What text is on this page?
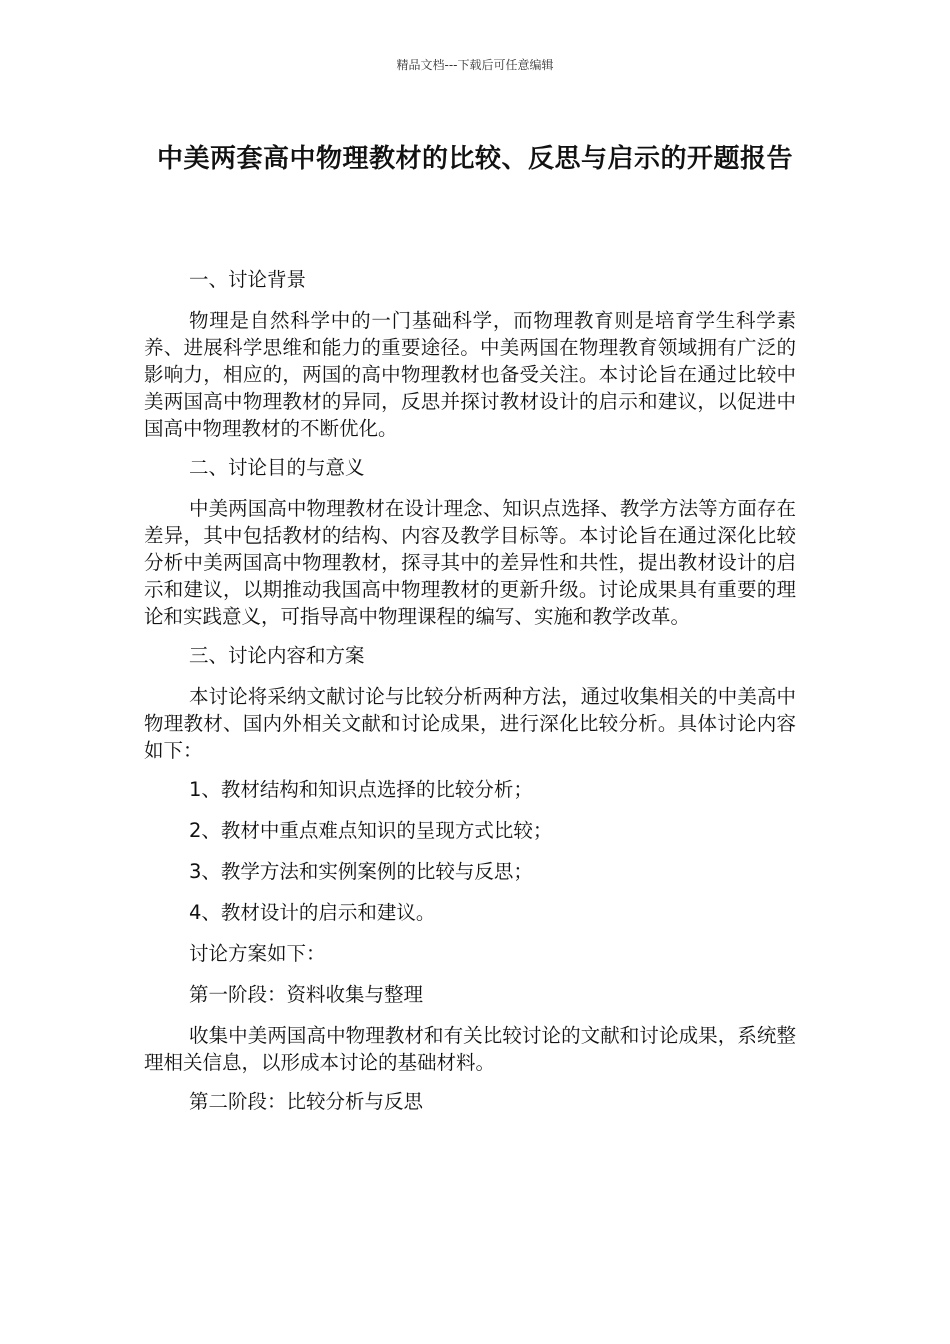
精品文档---下载后可任意编辑
中美两套高中物理教材的比较、反思与启示的开题报告
一、讨论背景

物理是自然科学中的一门基础科学，而物理教育则是培育学生科学素养、进展科学思维和能力的重要途径。中美两国在物理教育领域拥有广泛的影响力，相应的，两国的高中物理教材也备受关注。本讨论旨在通过比较中美两国高中物理教材的异同，反思并探讨教材设计的启示和建议，以促进中国高中物理教材的不断优化。

二、讨论目的与意义

中美两国高中物理教材在设计理念、知识点选择、教学方法等方面存在差异，其中包括教材的结构、内容及教学目标等。本讨论旨在通过深化比较分析中美两国高中物理教材，探寻其中的差异性和共性，提出教材设计的启示和建议，以期推动我国高中物理教材的更新升级。讨论成果具有重要的理论和实践意义，可指导高中物理课程的编写、实施和教学改革。

三、讨论内容和方案

本讨论将采纳文献讨论与比较分析两种方法，通过收集相关的中美高中物理教材、国内外相关文献和讨论成果，进行深化比较分析。具体讨论内容如下：

1、教材结构和知识点选择的比较分析；
2、教材中重点难点知识的呈现方式比较；
3、教学方法和实例案例的比较与反思；
4、教材设计的启示和建议。
讨论方案如下：
第一阶段：资料收集与整理

收集中美两国高中物理教材和有关比较讨论的文献和讨论成果，系统整理相关信息，以形成本讨论的基础材料。

第二阶段：比较分析与反思
